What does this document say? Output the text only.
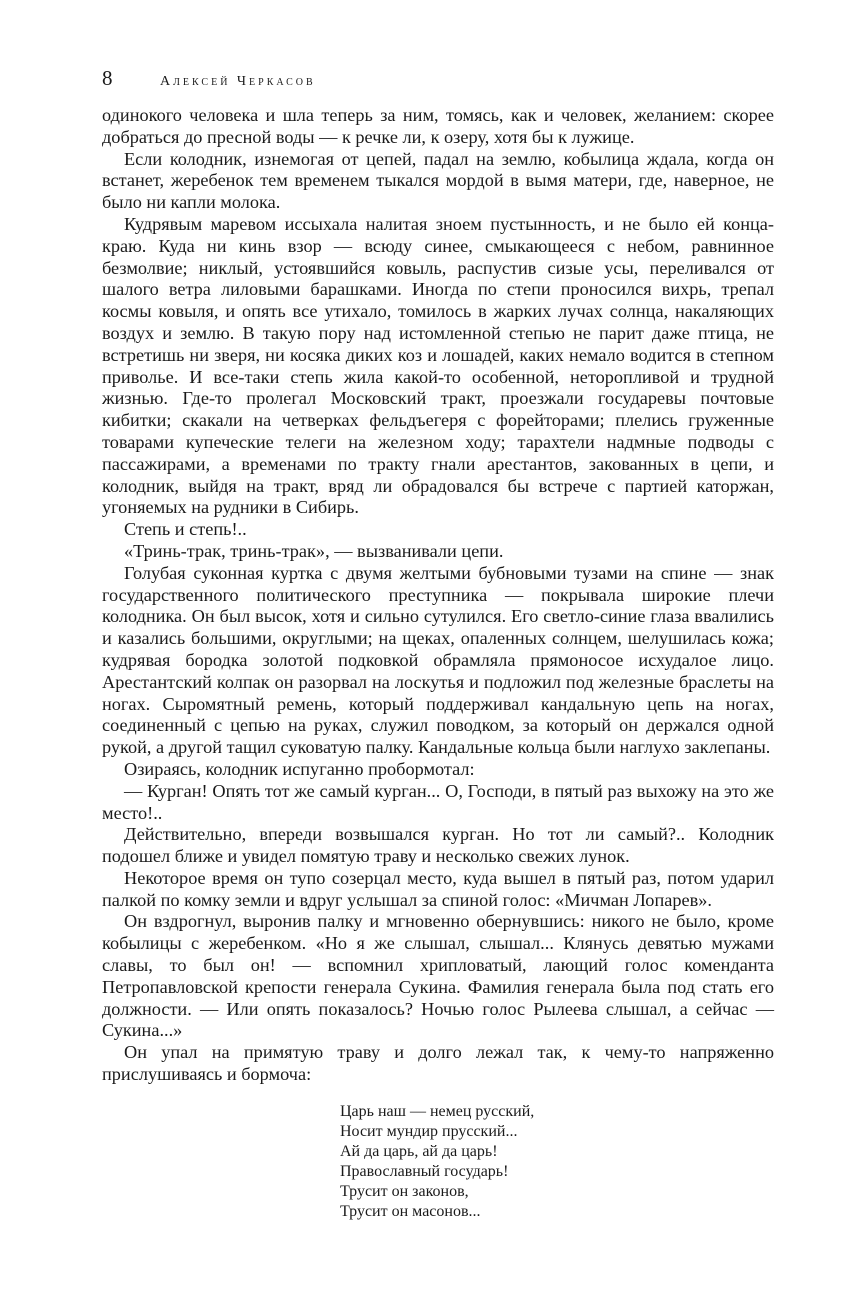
8	Алексей Черкасов

одинокого человека и шла теперь за ним, томясь, как и человек, желанием: скорее добраться до пресной воды — к речке ли, к озеру, хотя бы к лужице.

Если колодник, изнемогая от цепей, падал на землю, кобылица ждала, когда он встанет, жеребенок тем временем тыкался мордой в вымя матери, где, наверное, не было ни капли молока.

Кудрявым маревом иссыхала налитая зноем пустынность, и не было ей конца-краю. Куда ни кинь взор — всюду синее, смыкающееся с небом, равнинное безмолвие; никлый, устоявшийся ковыль, распустив сизые усы, переливался от шалого ветра лиловыми барашками. Иногда по степи проносился вихрь, трепал космы ковыля, и опять все утихало, томилось в жарких лучах солнца, накаляющих воздух и землю. В такую пору над истомленной степью не парит даже птица, не встретишь ни зверя, ни косяка диких коз и лошадей, каких немало водится в степном приволье. И все-таки степь жила какой-то особенной, неторопливой и трудной жизнью. Где-то пролегал Московский тракт, проезжали государевы почтовые кибитки; скакали на четверках фельдъегеря с форейторами; плелись груженные товарами купеческие телеги на железном ходу; тарахтели надмные подводы с пассажирами, а временами по тракту гнали арестантов, закованных в цепи, и колодник, выйдя на тракт, вряд ли обрадовался бы встрече с партией каторжан, угоняемых на рудники в Сибирь.

Степь и степь!..

«Тринь-трак, тринь-трак», — вызванивали цепи.

Голубая суконная куртка с двумя желтыми бубновыми тузами на спине — знак государственного политического преступника — покрывала широкие плечи колодника. Он был высок, хотя и сильно сутулился. Его светло-синие глаза ввалились и казались большими, округлыми; на щеках, опаленных солнцем, шелушилась кожа; кудрявая бородка золотой подковкой обрамляла прямоносое исхудалое лицо. Арестантский колпак он разорвал на лоскутья и подложил под железные браслеты на ногах. Сыромятный ремень, который поддерживал кандальную цепь на ногах, соединенный с цепью на руках, служил поводком, за который он держался одной рукой, а другой тащил суковатую палку. Кандальные кольца были наглухо заклепаны.

Озираясь, колодник испуганно пробормотал:

— Курган! Опять тот же самый курган... О, Господи, в пятый раз выхожу на это же место!..

Действительно, впереди возвышался курган. Но тот ли самый?.. Колодник подошел ближе и увидел помятую траву и несколько свежих лунок.

Некоторое время он тупо созерцал место, куда вышел в пятый раз, потом ударил палкой по комку земли и вдруг услышал за спиной голос: «Мичман Лопарев».

Он вздрогнул, выронив палку и мгновенно обернувшись: никого не было, кроме кобылицы с жеребенком. «Но я же слышал, слышал... Клянусь девятью мужами славы, то был он! — вспомнил хрипловатый, лающий голос коменданта Петропавловской крепости генерала Сукина. Фамилия генерала была под стать его должности. — Или опять показалось? Ночью голос Рылеева слышал, а сейчас — Сукина...»

Он упал на примятую траву и долго лежал так, к чему-то напряженно прислушиваясь и бормоча:

Царь наш — немец русский,
Носит мундир прусский...
Ай да царь, ай да царь!
Православный государь!
Трусит он законов,
Трусит он масонов...
